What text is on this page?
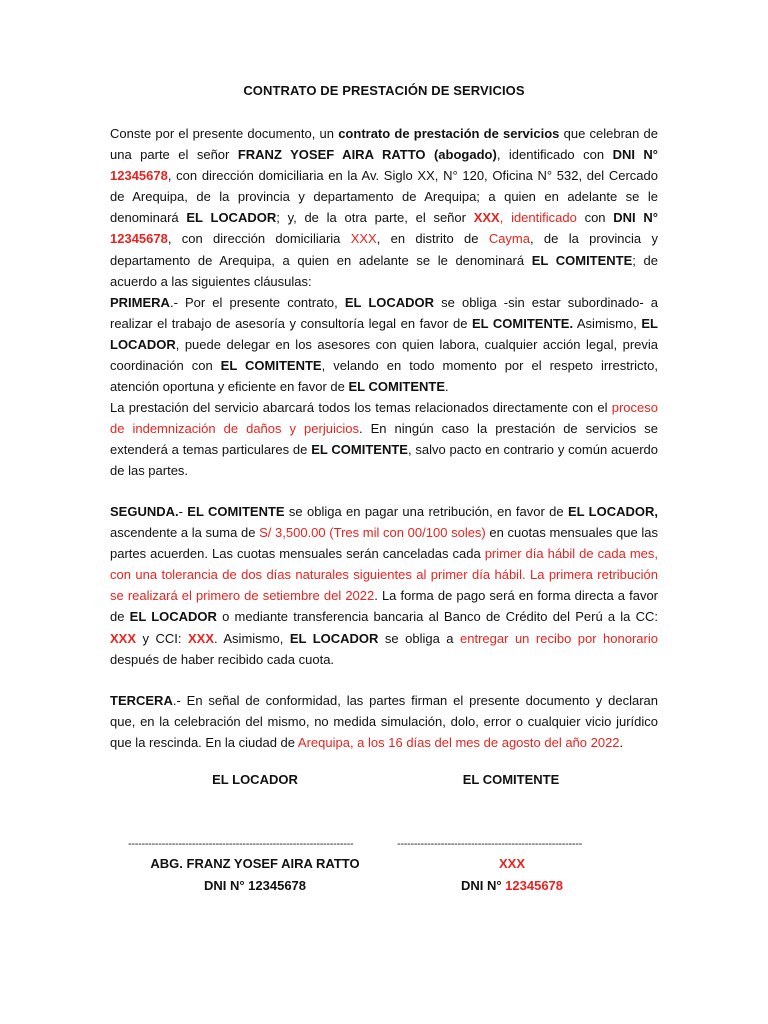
CONTRATO DE PRESTACIÓN DE SERVICIOS

Conste por el presente documento, un contrato de prestación de servicios que celebran de una parte el señor FRANZ YOSEF AIRA RATTO (abogado), identificado con DNI N° 12345678, con dirección domiciliaria en la Av. Siglo XX, N° 120, Oficina N° 532, del Cercado de Arequipa, de la provincia y departamento de Arequipa; a quien en adelante se le denominará EL LOCADOR; y, de la otra parte, el señor XXX, identificado con DNI N° 12345678, con dirección domiciliaria XXX, en distrito de Cayma, de la provincia y departamento de Arequipa, a quien en adelante se le denominará EL COMITENTE; de acuerdo a las siguientes cláusulas:

PRIMERA.- Por el presente contrato, EL LOCADOR se obliga -sin estar subordinado- a realizar el trabajo de asesoría y consultoría legal en favor de EL COMITENTE. Asimismo, EL LOCADOR, puede delegar en los asesores con quien labora, cualquier acción legal, previa coordinación con EL COMITENTE, velando en todo momento por el respeto irrestricto, atención oportuna y eficiente en favor de EL COMITENTE.

La prestación del servicio abarcará todos los temas relacionados directamente con el proceso de indemnización de daños y perjuicios. En ningún caso la prestación de servicios se extenderá a temas particulares de EL COMITENTE, salvo pacto en contrario y común acuerdo de las partes.

SEGUNDA.- EL COMITENTE se obliga en pagar una retribución, en favor de EL LOCADOR, ascendente a la suma de S/ 3,500.00 (Tres mil con 00/100 soles) en cuotas mensuales que las partes acuerden. Las cuotas mensuales serán canceladas cada primer día hábil de cada mes, con una tolerancia de dos días naturales siguientes al primer día hábil. La primera retribución se realizará el primero de setiembre del 2022. La forma de pago será en forma directa a favor de EL LOCADOR o mediante transferencia bancaria al Banco de Crédito del Perú a la CC: XXX y CCI: XXX. Asimismo, EL LOCADOR se obliga a entregar un recibo por honorario después de haber recibido cada cuota.

TERCERA.- En señal de conformidad, las partes firman el presente documento y declaran que, en la celebración del mismo, no medida simulación, dolo, error o cualquier vicio jurídico que la rescinda. En la ciudad de Arequipa, a los 16 días del mes de agosto del año 2022.

EL LOCADOR	EL COMITENTE
-------------------------------------------------------------------	-------------------------------------------------------
ABG. FRANZ YOSEF AIRA RATTO	XXX
DNI N° 12345678	DNI N° 12345678
